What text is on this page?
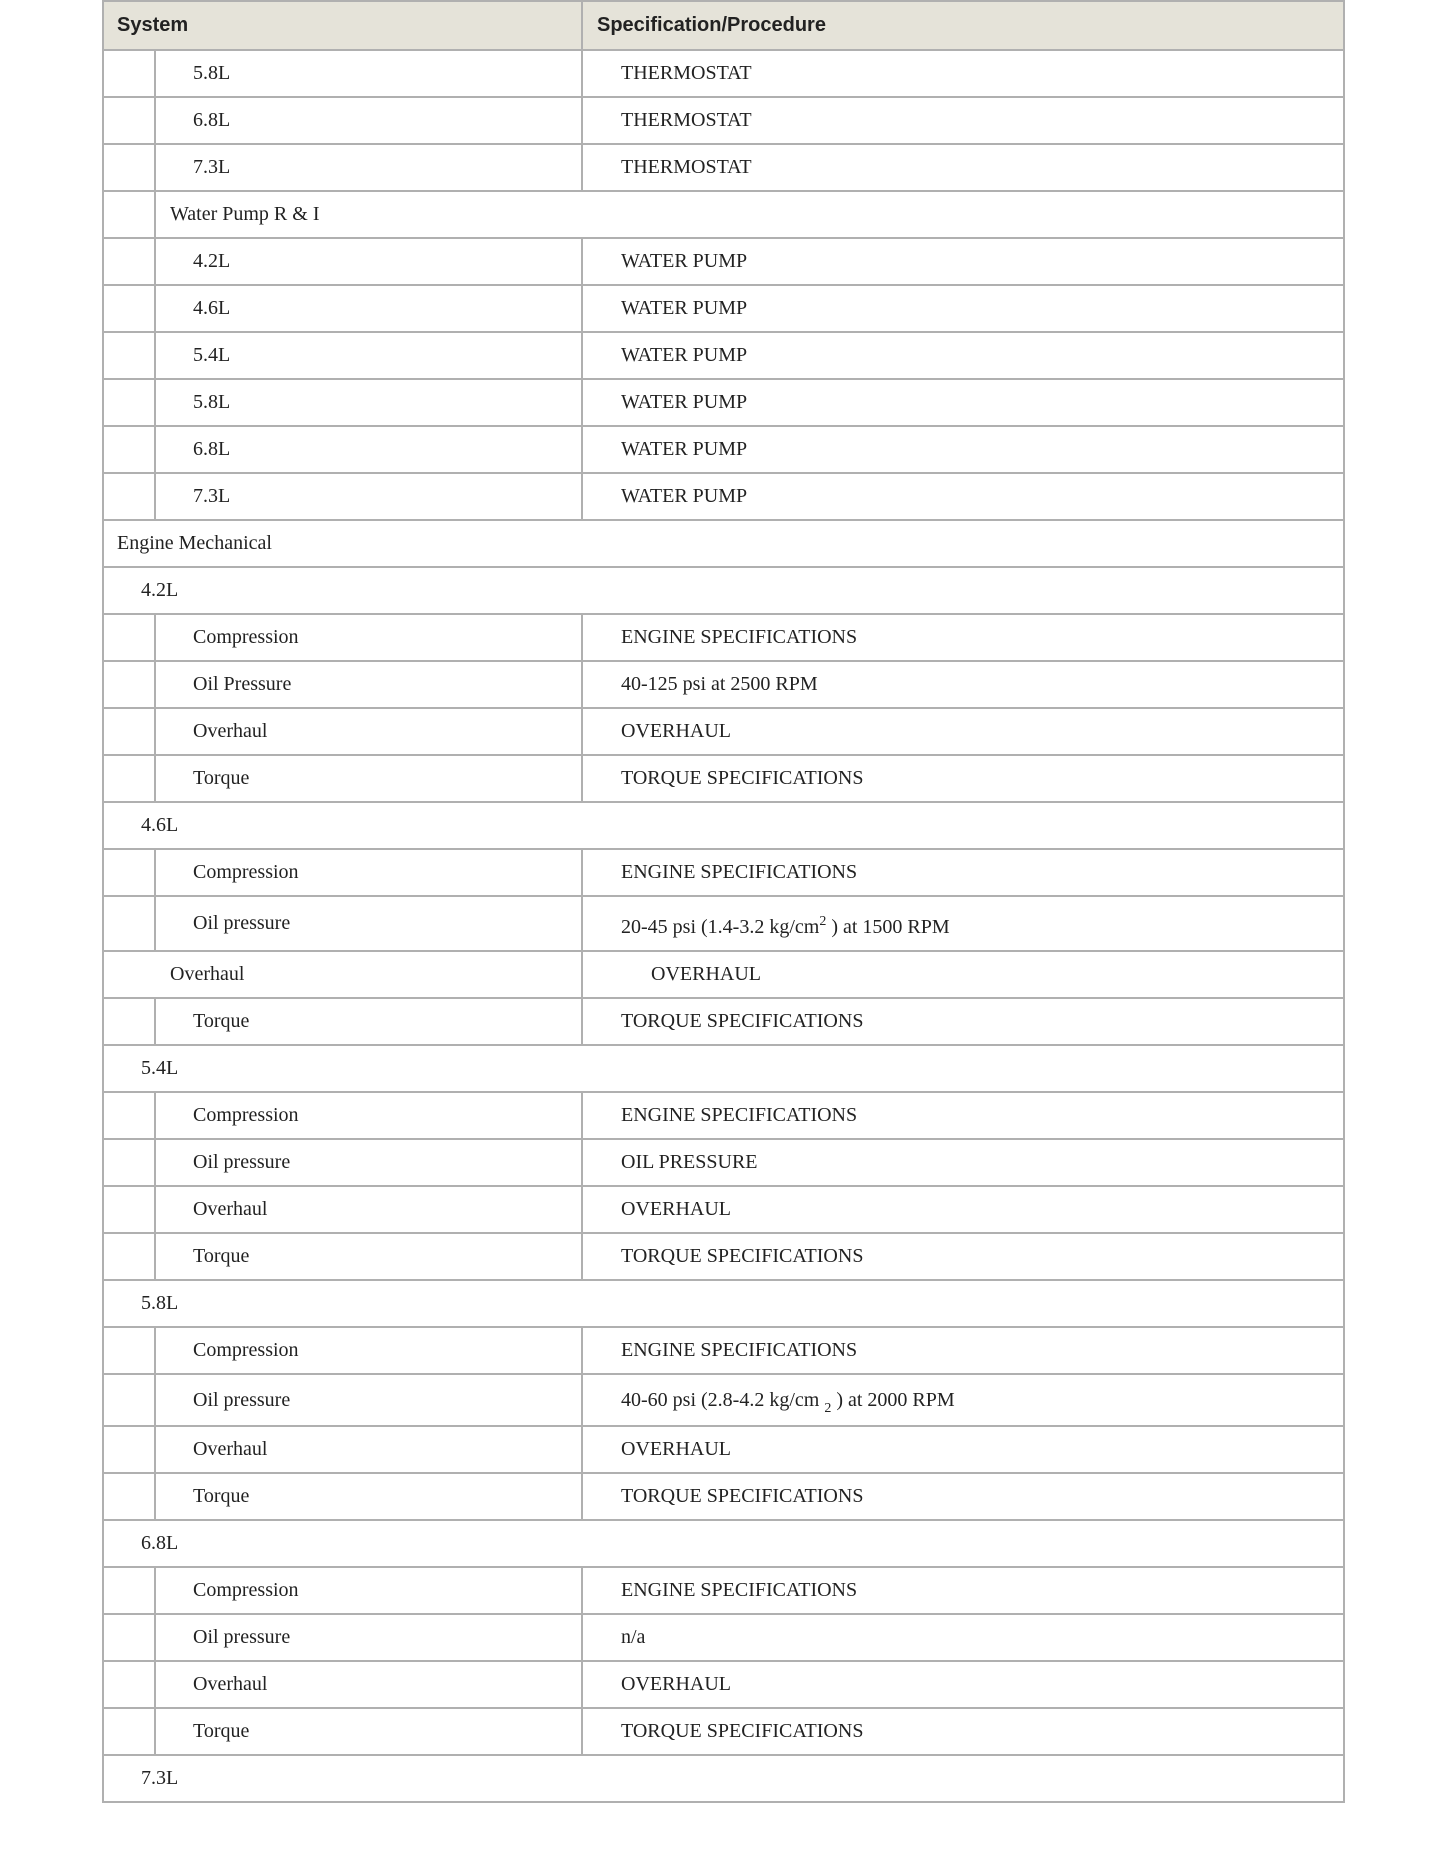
System		Specification/Procedure
	5.8L	THERMOSTAT
	6.8L	THERMOSTAT
	7.3L	THERMOSTAT
	Water Pump R & I	
	4.2L	WATER PUMP
	4.6L	WATER PUMP
	5.4L	WATER PUMP
	5.8L	WATER PUMP
	6.8L	WATER PUMP
	7.3L	WATER PUMP
Engine Mechanical		
4.2L		
	Compression	ENGINE SPECIFICATIONS
	Oil Pressure	40-125 psi at 2500 RPM
	Overhaul	OVERHAUL
	Torque	TORQUE SPECIFICATIONS
4.6L		
	Compression	ENGINE SPECIFICATIONS
	Oil pressure	20-45 psi (1.4-3.2 $kg/cm^2$ ) at 1500 RPM
Overhaul		OVERHAUL
	Torque	TORQUE SPECIFICATIONS
5.4L		
	Compression	ENGINE SPECIFICATIONS
	Oil pressure	OIL PRESSURE
	Overhaul	OVERHAUL
	Torque	TORQUE SPECIFICATIONS
5.8L		
	Compression	ENGINE SPECIFICATIONS
	Oil pressure	40-60 psi (2.8-4.2 kg/cm $_2$ ) at 2000 RPM
	Overhaul	OVERHAUL
	Torque	TORQUE SPECIFICATIONS
6.8L		
	Compression	ENGINE SPECIFICATIONS
	Oil pressure	n/a
	Overhaul	OVERHAUL
	Torque	TORQUE SPECIFICATIONS
7.3L		
